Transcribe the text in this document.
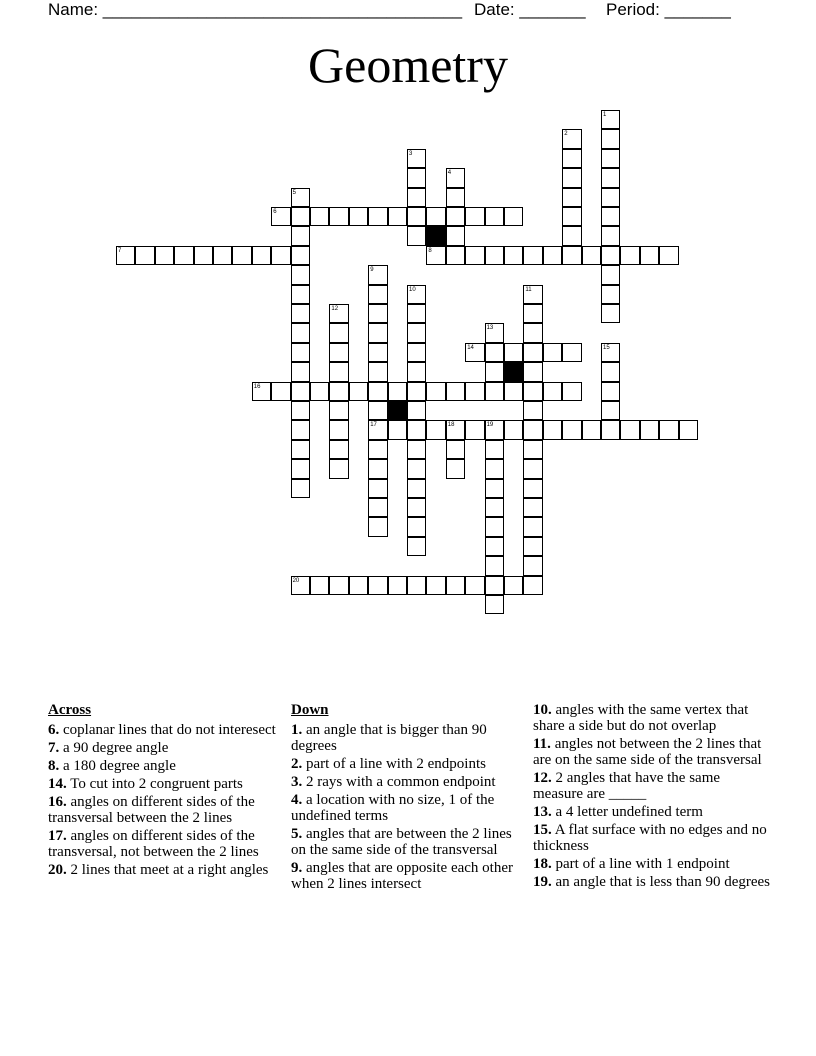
Name: ______________________________________ Date: _______ Period: _______
Geometry
1
2
3
4
5
6
7	8
9
17
10	11
12
13
14	15
16
18	19
20
Across
6. coplanar lines that do not interesect
7. a 90 degree angle
8. a 180 degree angle
14. To cut into 2 congruent parts
16. angles on different sides of the transversal between the 2 lines
17. angles on different sides of the transversal, not between the 2 lines
20. 2 lines that meet at a right angles
Down
1. an angle that is bigger than 90 degrees
2. part of a line with 2 endpoints
3. 2 rays with a common endpoint
4. a location with no size, 1 of the undefined terms
5. angles that are between the 2 lines on the same side of the transversal
9. angles that are opposite each other when 2 lines intersect
10. angles with the same vertex that share a side but do not overlap
11. angles not between the 2 lines that are on the same side of the transversal
12. 2 angles that have the same measure are _____
13. a 4 letter undefined term
15. A flat surface with no edges and no thickness
18. part of a line with 1 endpoint
19. an angle that is less than 90 degrees
